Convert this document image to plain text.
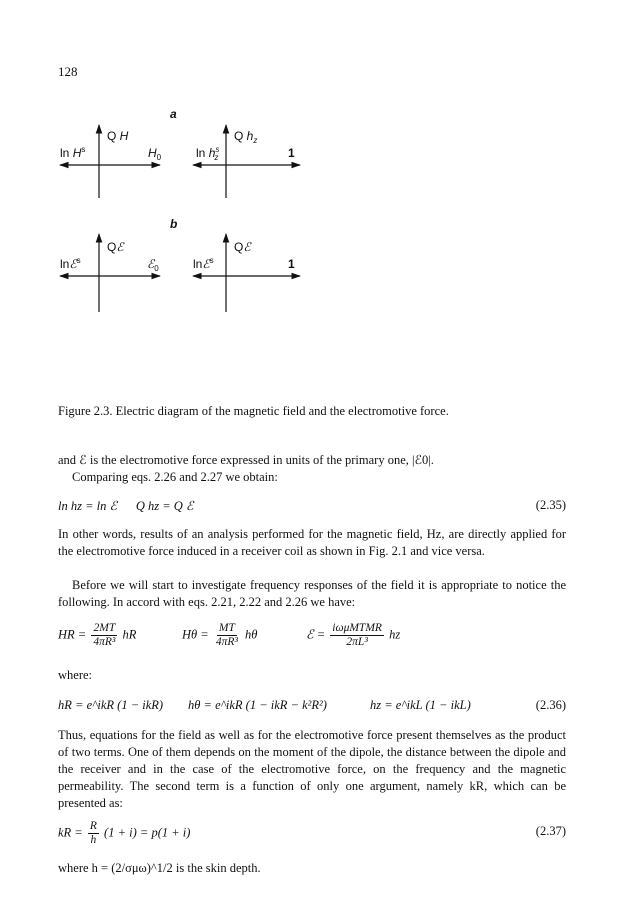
128
a
Q H
$\ln H^s$	$H_0$
Q $h_z$
$\ln h^s$ z	1
b
Qℰ
lnℰ$^s$	ℰ$_0$
Qℰ
lnℰ$^s$	1
Figure 2.3. Electric diagram of the magnetic field and the electromotive force.
and ℰ is the electromotive force expressed in units of the primary one, |ℰ0|.
Comparing eqs. 2.26 and 2.27 we obtain:
ln hz = ln ℰ      Q hz = Q ℰ	(2.35)
In other words, results of an analysis performed for the magnetic field, Hz, are directly applied for the electromotive force induced in a receiver coil as shown in Fig. 2.1 and vice versa.
Before we will start to investigate frequency responses of the field it is appropriate to notice the following. In accord with eqs. 2.21, 2.22 and 2.26 we have:
HR = $\frac{2MT}{\text{4πR³}}$ hR	$H\theta = \frac{MT}{\text{4πR³}}$ hθ	ℰ = $\frac{\text{iωμMTMR}}{\text{2πL³}}$ hz
where:
hR = e^ikR (1 − ikR) hθ = e^ikR (1 − ikR − k²R²)	hz = e^ikL (1 − ikL)	(2.36)
Thus, equations for the field as well as for the electromotive force present themselves as the product of two terms. One of them depends on the moment of the dipole, the distance between the dipole and the receiver and in the case of the electromotive force, on the frequency and the magnetic permeability. The second term is a function of only one argument, namely kR, which can be presented as:
kR = $\frac{R}{h} (1 + i) = p(1 + i)$	(2.37)
where h = (2/σμω)^1/2 is the skin depth.
